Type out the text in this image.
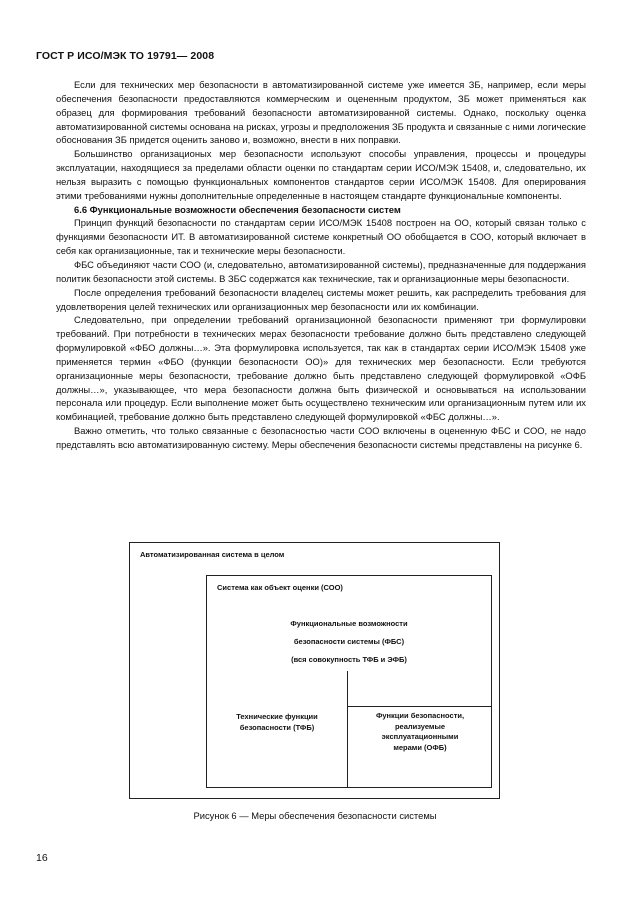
ГОСТ Р ИСО/МЭК ТО 19791— 2008

Если для технических мер безопасности в автоматизированной системе уже имеется ЗБ, например, если меры обеспечения безопасности предоставляются коммерческим и оцененным продуктом, ЗБ может применяться как образец для формирования требований безопасности автоматизированной системы. Однако, поскольку оценка автоматизированной системы основана на рисках, угрозы и предположения ЗБ продукта и связанные с ними логические обоснования ЗБ придется оценить заново и, возможно, внести в них поправки.

Большинство организационых мер безопасности используют способы управления, процессы и процедуры эксплуатации, находящиеся за пределами области оценки по стандартам серии ИСО/МЭК 15408, и, следовательно, их нельзя выразить с помощью функциональных компонентов стандартов серии ИСО/МЭК 15408. Для оперирования этими требованиями нужны дополнительные определенные в настоящем стандарте функциональные компоненты.

6.6 Функциональные возможности обеспечения безопасности систем

Принцип функций безопасности по стандартам серии ИСО/МЭК 15408 построен на ОО, который связан только с функциями безопасности ИТ. В автоматизированной системе конкретный ОО обобщается в СОО, который включает в себя как организационные, так и технические меры безопасности.

ФБС объединяют части СОО (и, следовательно, автоматизированной системы), предназначенные для поддержания политик безопасности этой системы. В ЗБС содержатся как технические, так и организационные меры безопасности.

После определения требований безопасности владелец системы может решить, как распределить требования для удовлетворения целей технических или организационных мер безопасности или их комбинации.

Следовательно, при определении требований организационной безопасности применяют три формулировки требований. При потребности в технических мерах безопасности требование должно быть представлено следующей формулировкой «ФБО должны…». Эта формулировка используется, так как в стандартах серии ИСО/МЭК 15408 уже применяется термин «ФБО (функции безопасности ОО)» для технических мер безопасности. Если требуются организационные меры безопасности, требование должно быть представлено следующей формулировкой «ОФБ должны…», указывающее, что мера безопасности должна быть физической и основываться на использовании персонала или процедур. Если выполнение может быть осуществлено техническим или организационным путем или их комбинацией, требование должно быть представлено следующей формулировкой «ФБС должны…».

Важно отметить, что только связанные с безопасностью части СОО включены в оцененную ФБС и СОО, не надо представлять всю автоматизированную систему. Меры обеспечения безопасности системы представлены на рисунке 6.

Автоматизированная система в целом
Система как объект оценки (СОО)
Функциональные возможности
безопасности системы (ФБС)
(вся совокупность ТФБ и ЭФБ)
Технические функции
безопасности (ТФБ)
Функции безопасности,
реализуемые
эксплуатационными
мерами (ОФБ)
Рисунок 6 — Меры обеспечения безопасности системы
16
